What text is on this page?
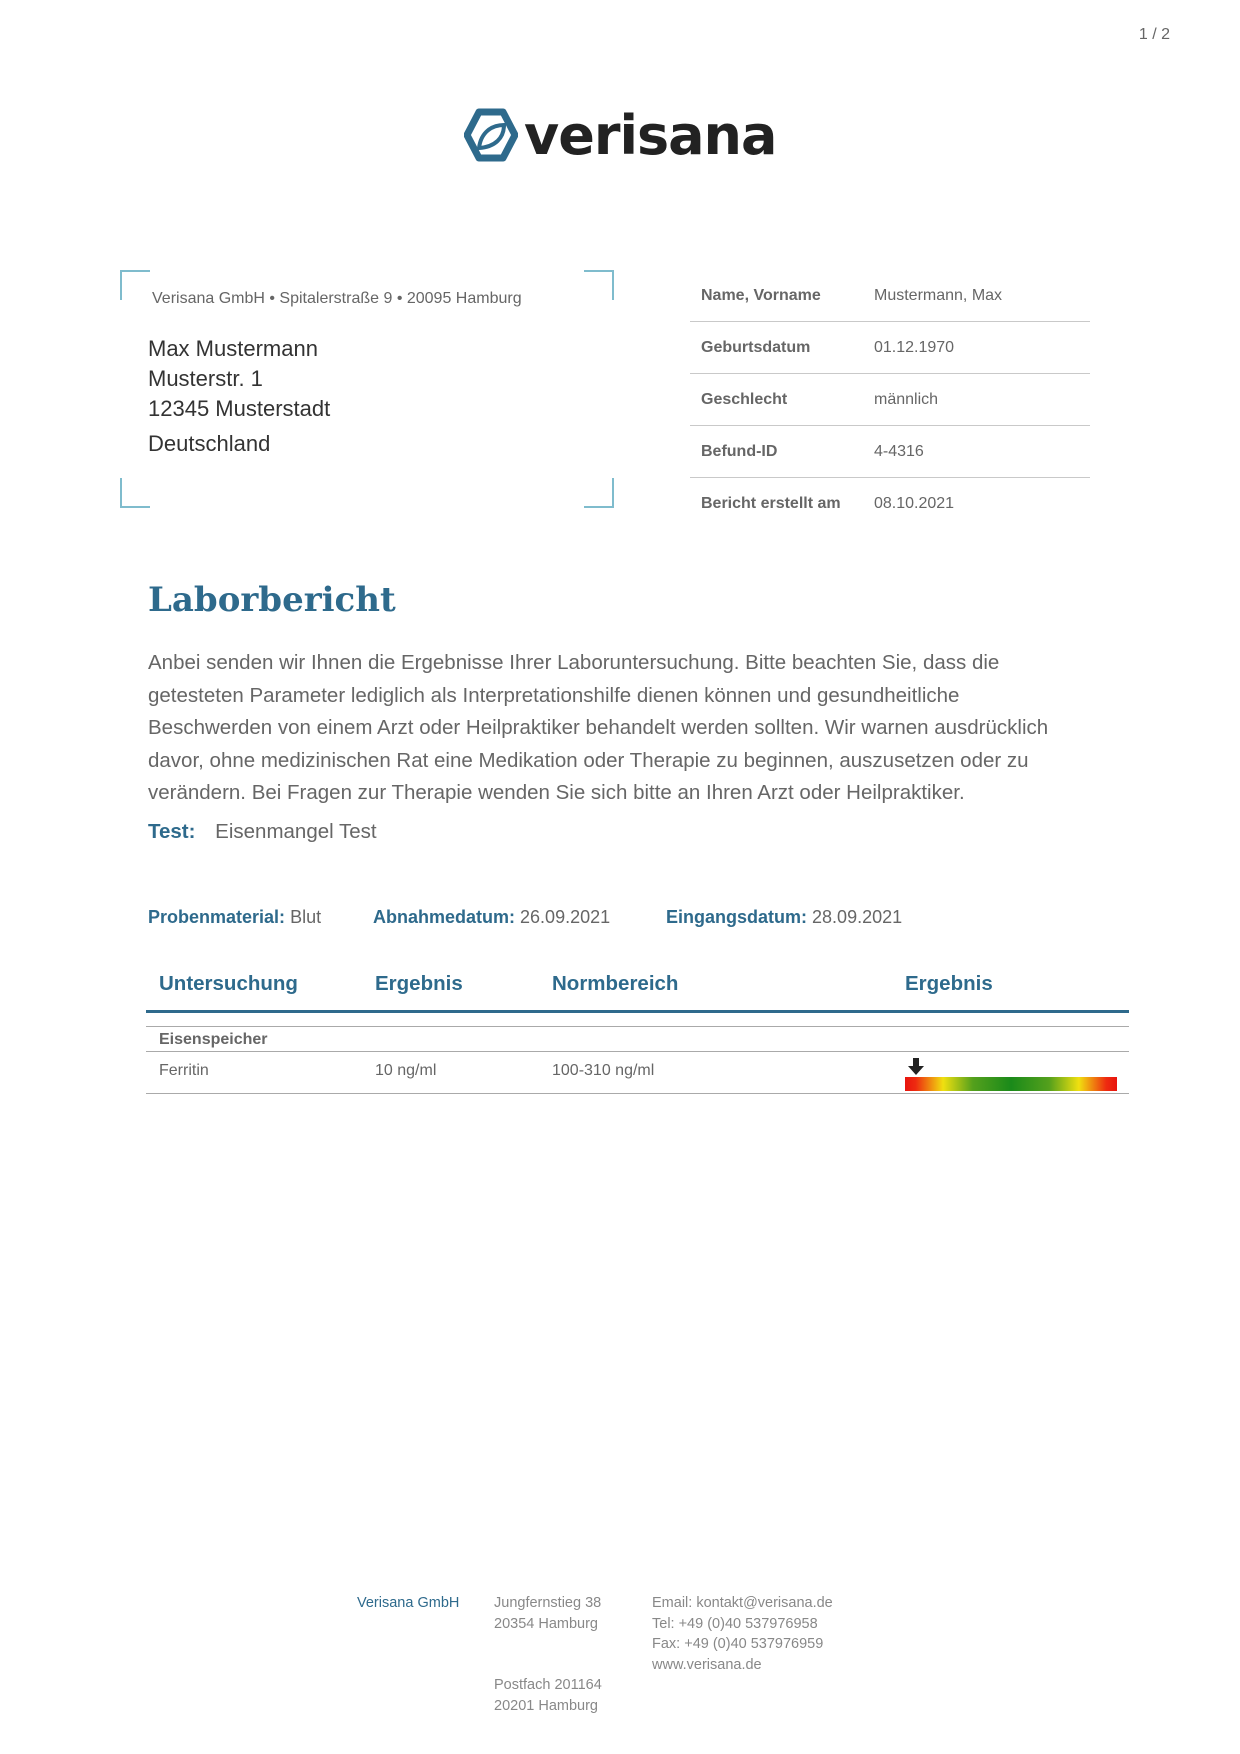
1 / 2
verisana
Verisana GmbH • Spitalerstraße 9 • 20095 Hamburg
Max Mustermann
Musterstr. 1
12345 Musterstadt
Deutschland
Name, Vorname	Mustermann, Max
Geburtsdatum	01.12.1970
Geschlecht	männlich
Befund-ID	4-4316
Bericht erstellt am	08.10.2021
Laborbericht
Anbei senden wir Ihnen die Ergebnisse Ihrer Laboruntersuchung. Bitte beachten Sie, dass die
getesteten Parameter lediglich als Interpretationshilfe dienen können und gesundheitliche
Beschwerden von einem Arzt oder Heilpraktiker behandelt werden sollten. Wir warnen ausdrücklich
davor, ohne medizinischen Rat eine Medikation oder Therapie zu beginnen, auszusetzen oder zu
verändern. Bei Fragen zur Therapie wenden Sie sich bitte an Ihren Arzt oder Heilpraktiker.
Test: Eisenmangel Test
Probenmaterial: Blut	Abnahmedatum: 26.09.2021	Eingangsdatum: 28.09.2021
Untersuchung	Ergebnis	Normbereich	Ergebnis
Eisenspeicher
Ferritin	10 ng/ml	100-310 ng/ml
Verisana GmbH Jungfernstieg 38
20354 Hamburg
Postfach 201164
20201 Hamburg
Email: kontakt@verisana.de
Tel: +49 (0)40 537976958
Fax: +49 (0)40 537976959
www.verisana.de
